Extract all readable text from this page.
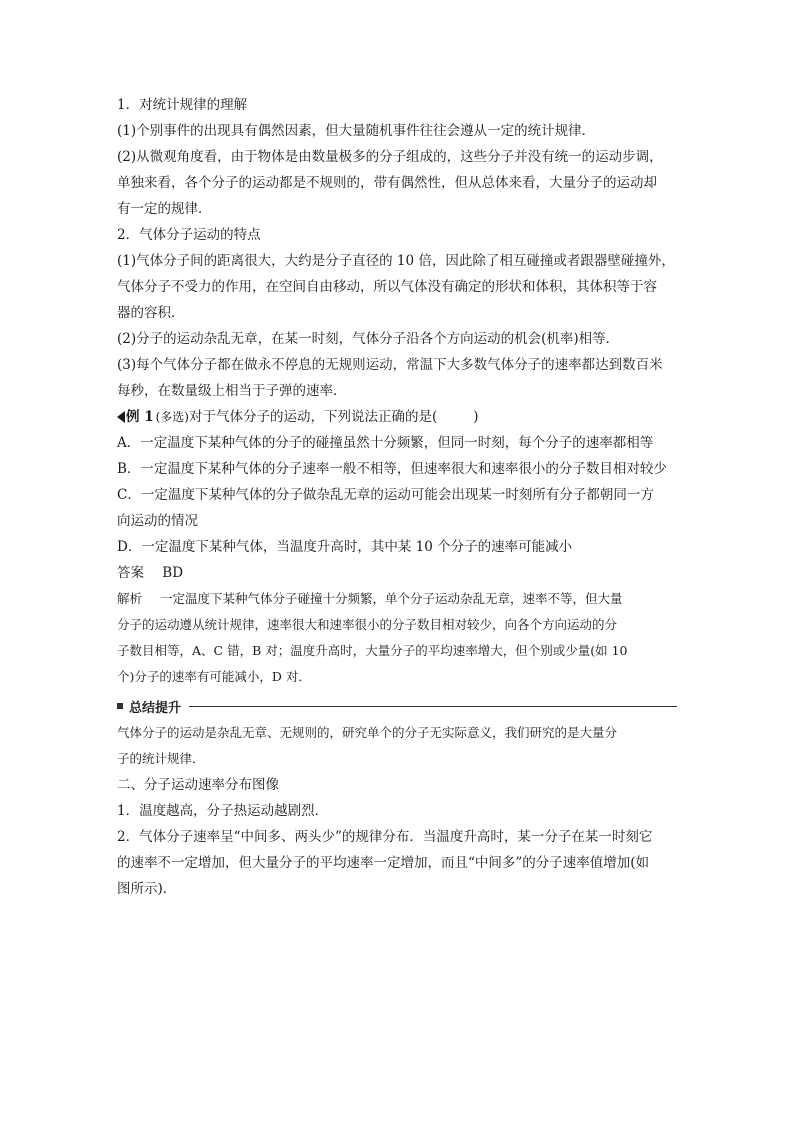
1．对统计规律的理解

(1)个别事件的出现具有偶然因素，但大量随机事件往往会遵从一定的统计规律．

(2)从微观角度看，由于物体是由数量极多的分子组成的，这些分子并没有统一的运动步调，

单独来看，各个分子的运动都是不规则的，带有偶然性，但从总体来看，大量分子的运动却

有一定的规律．

2．气体分子运动的特点

(1)气体分子间的距离很大，大约是分子直径的 10 倍，因此除了相互碰撞或者跟器壁碰撞外，

气体分子不受力的作用，在空间自由移动，所以气体没有确定的形状和体积，其体积等于容

器的容积．

(2)分子的运动杂乱无章，在某一时刻，气体分子沿各个方向运动的机会(机率)相等．

(3)每个气体分子都在做永不停息的无规则运动，常温下大多数气体分子的速率都达到数百米

每秒，在数量级上相当于子弹的速率．

例 1 (多选) 对于气体分子的运动，下列说法正确的是(	)

A．一定温度下某种气体的分子的碰撞虽然十分频繁，但同一时刻，每个分子的速率都相等

B．一定温度下某种气体的分子速率一般不相等，但速率很大和速率很小的分子数目相对较少

C．一定温度下某种气体的分子做杂乱无章的运动可能会出现某一时刻所有分子都朝同一方

向运动的情况

D．一定温度下某种气体，当温度升高时，其中某 10 个分子的速率可能减小

答案 BD

解析 一定温度下某种气体分子碰撞十分频繁，单个分子运动杂乱无章，速率不等，但大量

分子的运动遵从统计规律，速率很大和速率很小的分子数目相对较少，向各个方向运动的分

子数目相等，A、C 错，B 对；温度升高时，大量分子的平均速率增大，但个别或少量(如 10

个)分子的速率有可能减小，D 对．

总结提升

气体分子的运动是杂乱无章、无规则的，研究单个的分子无实际意义，我们研究的是大量分

子的统计规律．

二、分子运动速率分布图像

1．温度越高，分子热运动越剧烈．

2．气体分子速率呈“中间多、两头少”的规律分布．当温度升高时，某一分子在某一时刻它

的速率不一定增加，但大量分子的平均速率一定增加，而且“中间多”的分子速率值增加(如

图所示)．
